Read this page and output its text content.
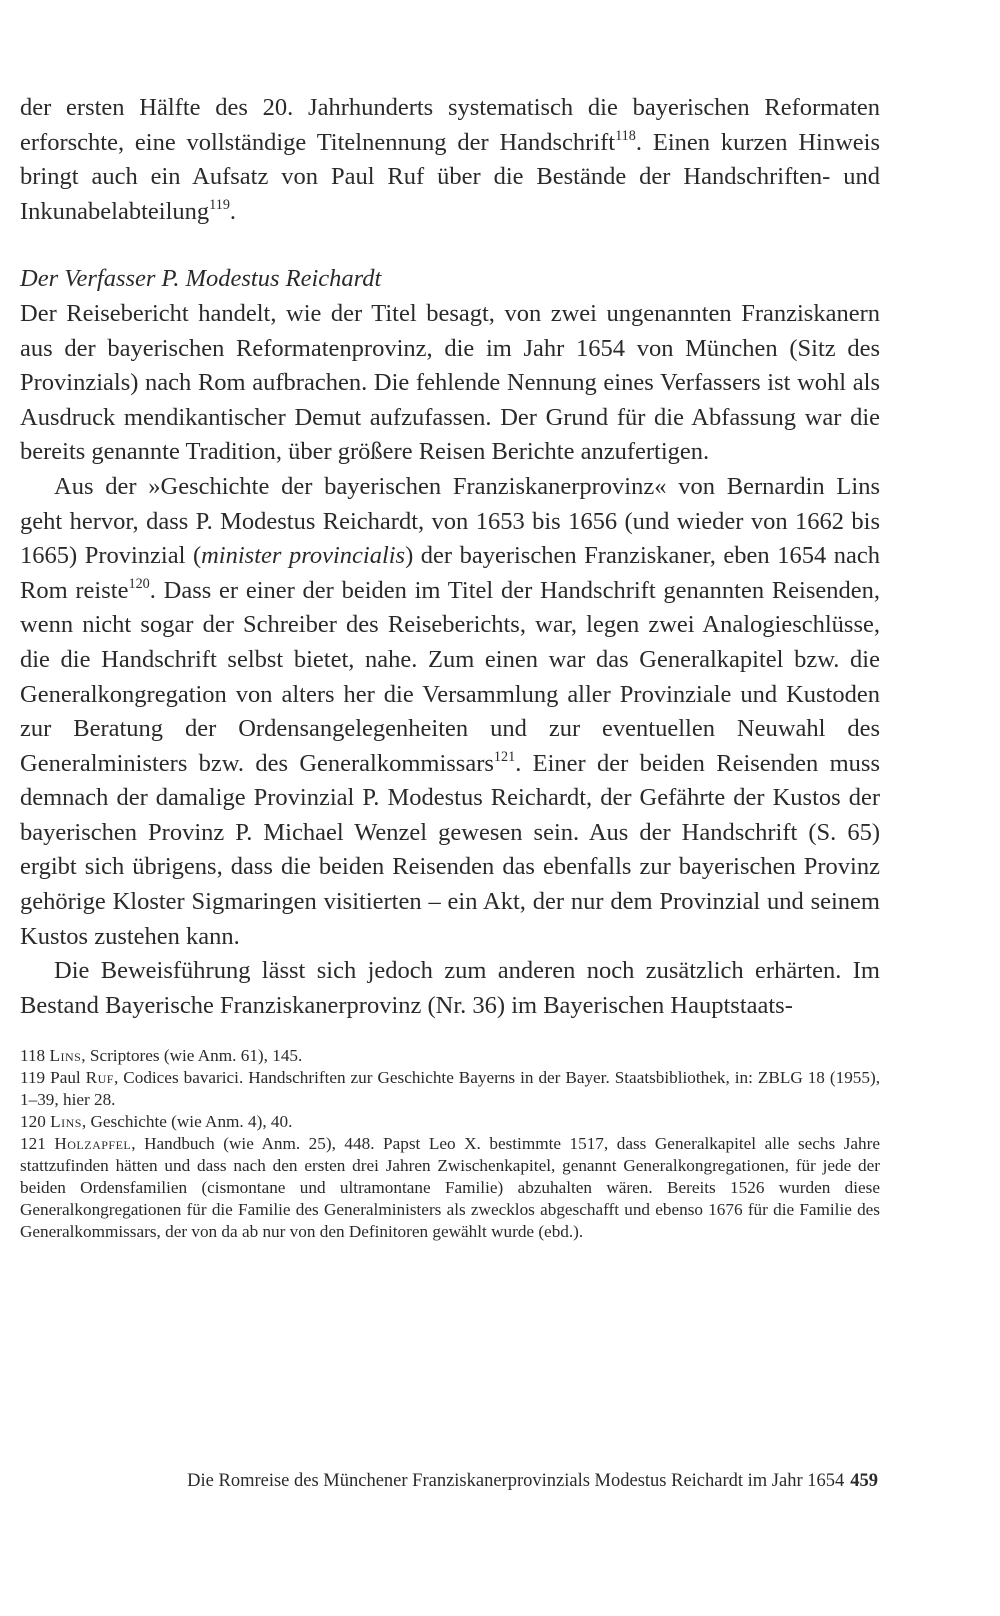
der ersten Hälfte des 20. Jahrhunderts systematisch die bayerischen Reformaten erforschte, eine vollständige Titelnennung der Handschrift$^{118}$. Einen kurzen Hinweis bringt auch ein Aufsatz von Paul Ruf über die Bestände der Handschriften- und Inkunabelabteilung$^{119}$.

Der Verfasser P. Modestus Reichardt

Der Reisebericht handelt, wie der Titel besagt, von zwei ungenannten Franziskanern aus der bayerischen Reformatenprovinz, die im Jahr 1654 von München (Sitz des Provinzials) nach Rom aufbrachen. Die fehlende Nennung eines Verfassers ist wohl als Ausdruck mendikantischer Demut aufzufassen. Der Grund für die Abfassung war die bereits genannte Tradition, über größere Reisen Berichte anzufertigen.

Aus der »Geschichte der bayerischen Franziskanerprovinz« von Bernardin Lins geht hervor, dass P. Modestus Reichardt, von 1653 bis 1656 (und wieder von 1662 bis 1665) Provinzial (minister provincialis) der bayerischen Franziskaner, eben 1654 nach Rom reiste$^{120}$. Dass er einer der beiden im Titel der Handschrift genannten Reisenden, wenn nicht sogar der Schreiber des Reiseberichts, war, legen zwei Analogieschlüsse, die die Handschrift selbst bietet, nahe. Zum einen war das Generalkapitel bzw. die Generalkongregation von alters her die Versammlung aller Provinziale und Kustoden zur Beratung der Ordensangelegenheiten und zur eventuellen Neuwahl des Generalministers bzw. des Generalkommissars$^{121}$. Einer der beiden Reisenden muss demnach der damalige Provinzial P. Modestus Reichardt, der Gefährte der Kustos der bayerischen Provinz P. Michael Wenzel gewesen sein. Aus der Handschrift (S. 65) ergibt sich übrigens, dass die beiden Reisenden das ebenfalls zur bayerischen Provinz gehörige Kloster Sigmaringen visitierten – ein Akt, der nur dem Provinzial und seinem Kustos zustehen kann.

Die Beweisführung lässt sich jedoch zum anderen noch zusätzlich erhärten. Im Bestand Bayerische Franziskanerprovinz (Nr. 36) im Bayerischen Hauptstaats-

118 Lins, Scriptores (wie Anm. 61), 145.

119 Paul Ruf, Codices bavarici. Handschriften zur Geschichte Bayerns in der Bayer. Staatsbibliothek, in: ZBLG 18 (1955), 1–39, hier 28.

120 Lins, Geschichte (wie Anm. 4), 40.

121 Holzapfel, Handbuch (wie Anm. 25), 448. Papst Leo X. bestimmte 1517, dass Generalkapitel alle sechs Jahre stattzufinden hätten und dass nach den ersten drei Jahren Zwischenkapitel, genannt Generalkongregationen, für jede der beiden Ordensfamilien (cismontane und ultramontane Familie) abzuhalten wären. Bereits 1526 wurden diese Generalkongregationen für die Familie des Generalministers als zwecklos abgeschafft und ebenso 1676 für die Familie des Generalkommissars, der von da ab nur von den Definitoren gewählt wurde (ebd.).

Die Romreise des Münchener Franziskanerprovinzials Modestus Reichardt im Jahr 1654 459
